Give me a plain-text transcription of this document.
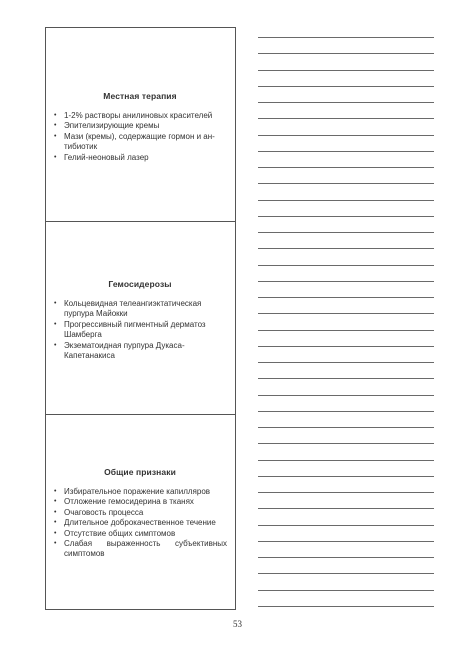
Местная терапия
• 1-2% растворы анилиновых красителей
• Эпителизирующие кремы
• Мази (кремы), содержащие гормон и ан-тибиотик
• Гелий-неоновый лазер
Гемосидерозы
• Кольцевидная телеангиэктатическая пурпура Майокки
• Прогрессивный пигментный дерматоз Шамберга
• Экзематоидная пурпура Дукаса-Капетанакиса
Общие признаки
• Избирательное поражение капилляров
• Отложение гемосидерина в тканях
• Очаговость процесса
• Длительное доброкачественное течение
• Отсутствие общих симптомов
• Слабая выраженность субъективных симптомов
53
